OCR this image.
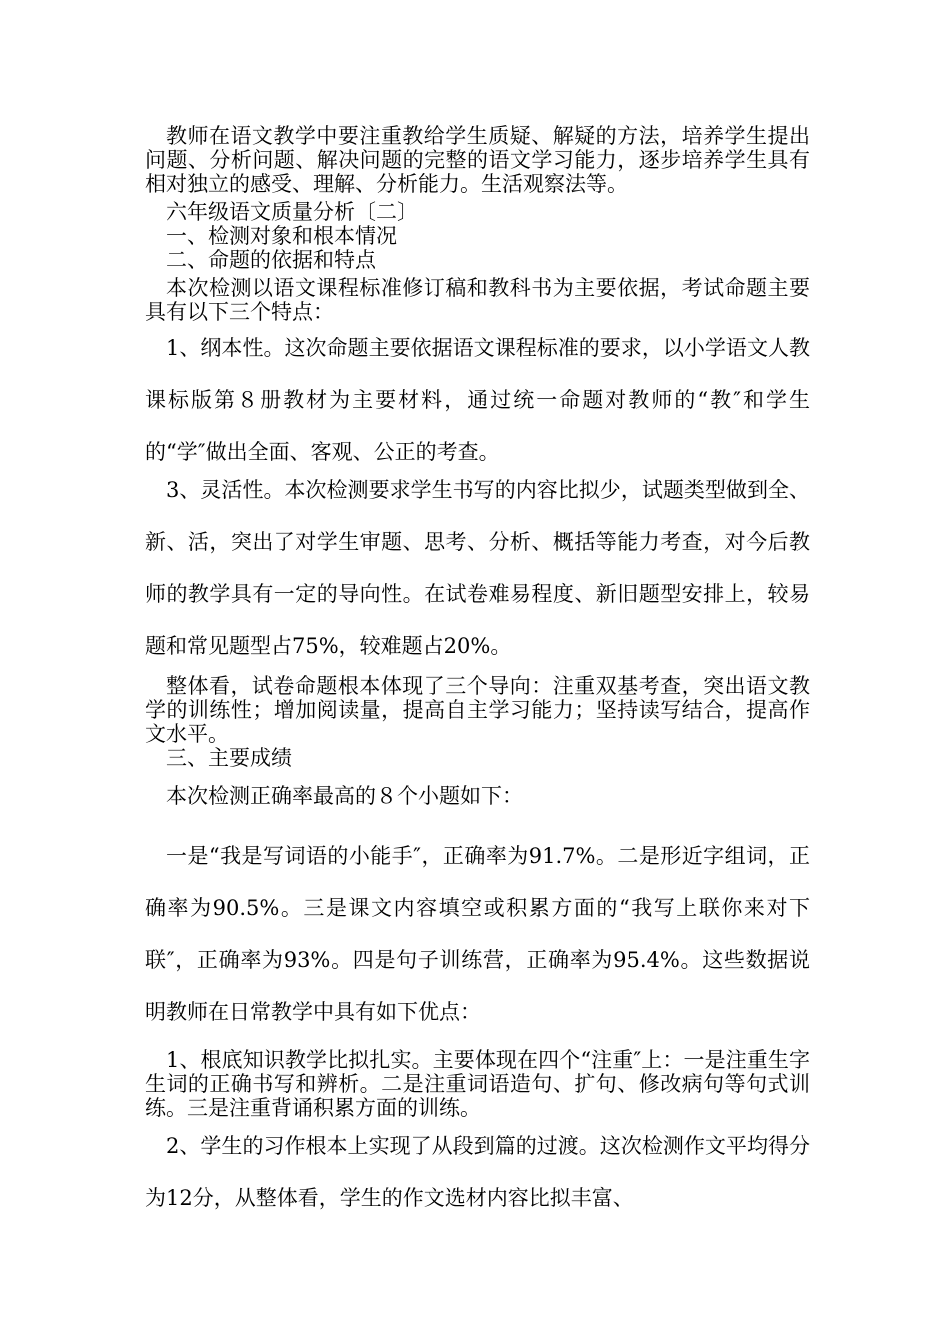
教师在语文教学中要注重教给学生质疑、解疑的方法，培养学生提出问题、分析问题、解决问题的完整的语文学习能力，逐步培养学生具有相对独立的感受、理解、分析能力。生活观察法等。

六年级语文质量分析〔二〕

一、检测对象和根本情况

二、命题的依据和特点

本次检测以语文课程标准修订稿和教科书为主要依据，考试命题主要具有以下三个特点：

1、纲本性。这次命题主要依据语文课程标准的要求，以小学语文人教课标版第８册教材为主要材料，通过统一命题对教师的“教″和学生的“学″做出全面、客观、公正的考查。

3、灵活性。本次检测要求学生书写的内容比拟少，试题类型做到全、新、活，突出了对学生审题、思考、分析、概括等能力考查，对今后教师的教学具有一定的导向性。在试卷难易程度、新旧题型安排上，较易题和常见题型占75%，较难题占20%。

整体看，试卷命题根本体现了三个导向：注重双基考查，突出语文教学的训练性；增加阅读量，提高自主学习能力；坚持读写结合，提高作文水平。

三、主要成绩

本次检测正确率最高的８个小题如下：

一是“我是写词语的小能手″，正确率为91.7%。二是形近字组词，正确率为90.5%。三是课文内容填空或积累方面的“我写上联你来对下联″，正确率为93%。四是句子训练营，正确率为95.4%。这些数据说明教师在日常教学中具有如下优点：

1、根底知识教学比拟扎实。主要体现在四个“注重″上：一是注重生字生词的正确书写和辨析。二是注重词语造句、扩句、修改病句等句式训练。三是注重背诵积累方面的训练。

2、学生的习作根本上实现了从段到篇的过渡。这次检测作文平均得分为12分，从整体看，学生的作文选材内容比拟丰富、
